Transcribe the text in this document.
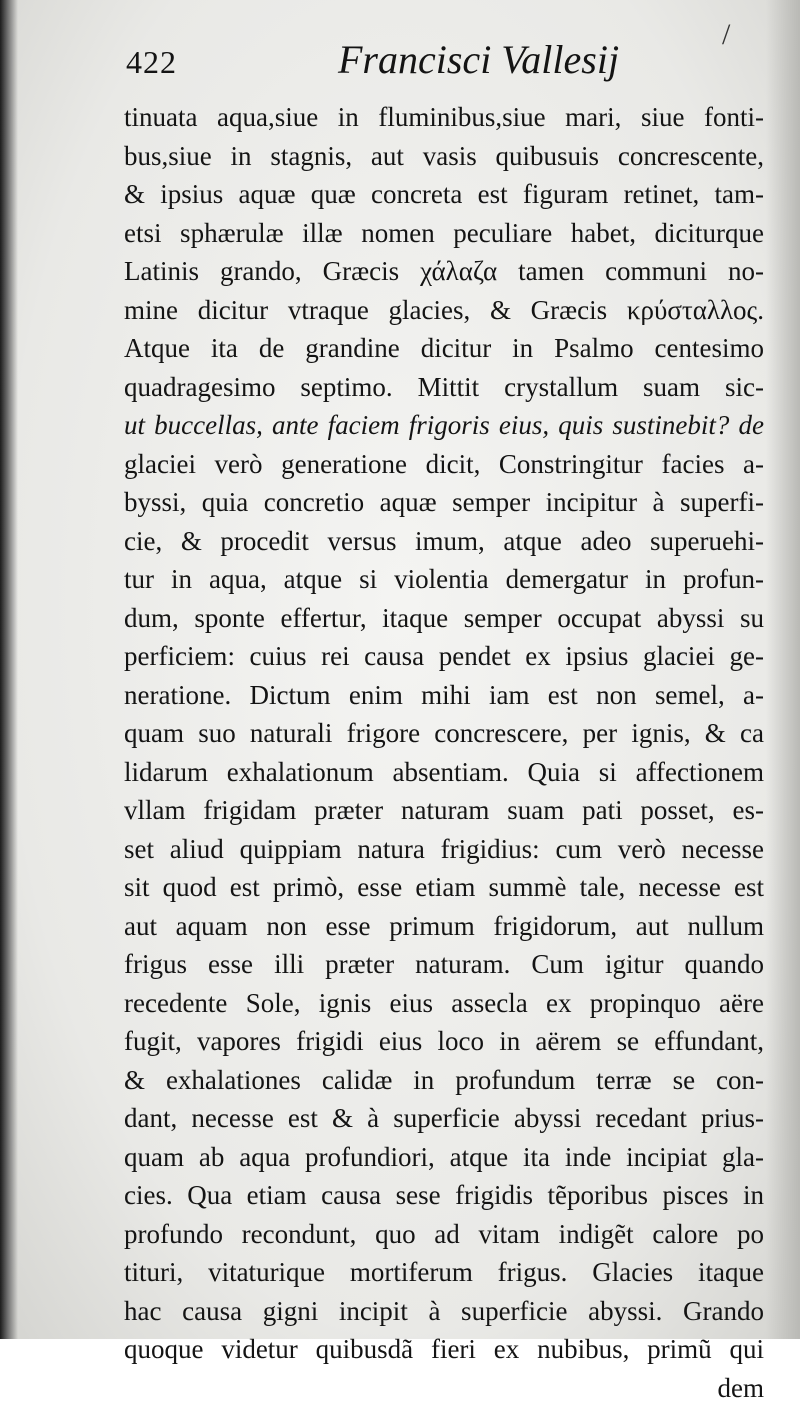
422	Francisci Vallesij
/
tinuata aqua,siue in fluminibus,siue mari, siue fonti-
bus,siue in stagnis, aut vasis quibusuis concrescente,
& ipsius aquæ quæ concreta est figuram retinet, tam-
etsi sphærulæ illæ nomen peculiare habet, diciturque
Latinis grando, Græcis χάλαζα tamen communi no-
mine dicitur vtraque glacies, & Græcis κρύσταλλος.
Atque ita de grandine dicitur in Psalmo centesimo
quadragesimo septimo. Mittit crystallum suam sic-
ut buccellas, ante faciem frigoris eius, quis sustinebit? de
glaciei verò generatione dicit, Constringitur facies a-
byssi, quia concretio aquæ semper incipitur à superfi-
cie, & procedit versus imum, atque adeo superuehi-
tur in aqua, atque si violentia demergatur in profun-
dum, sponte effertur, itaque semper occupat abyssi su
perficiem: cuius rei causa pendet ex ipsius glaciei ge-
neratione. Dictum enim mihi iam est non semel, a-
quam suo naturali frigore concrescere, per ignis, & ca
lidarum exhalationum absentiam. Quia si affectionem
vllam frigidam præter naturam suam pati posset, es-
set aliud quippiam natura frigidius: cum verò necesse
sit quod est primò, esse etiam summè tale, necesse est
aut aquam non esse primum frigidorum, aut nullum
frigus esse illi præter naturam. Cum igitur quando
recedente Sole, ignis eius assecla ex propinquo aëre
fugit, vapores frigidi eius loco in aërem se effundant,
& exhalationes calidæ in profundum terræ se con-
dant, necesse est & à superficie abyssi recedant prius-
quam ab aqua profundiori, atque ita inde incipiat gla-
cies. Qua etiam causa sese frigidis tẽporibus pisces in
profundo recondunt, quo ad vitam indigẽt calore po
tituri, vitaturique mortiferum frigus. Glacies itaque
hac causa gigni incipit à superficie abyssi. Grando
quoque videtur quibusdã fieri ex nubibus, primũ qui
dem
